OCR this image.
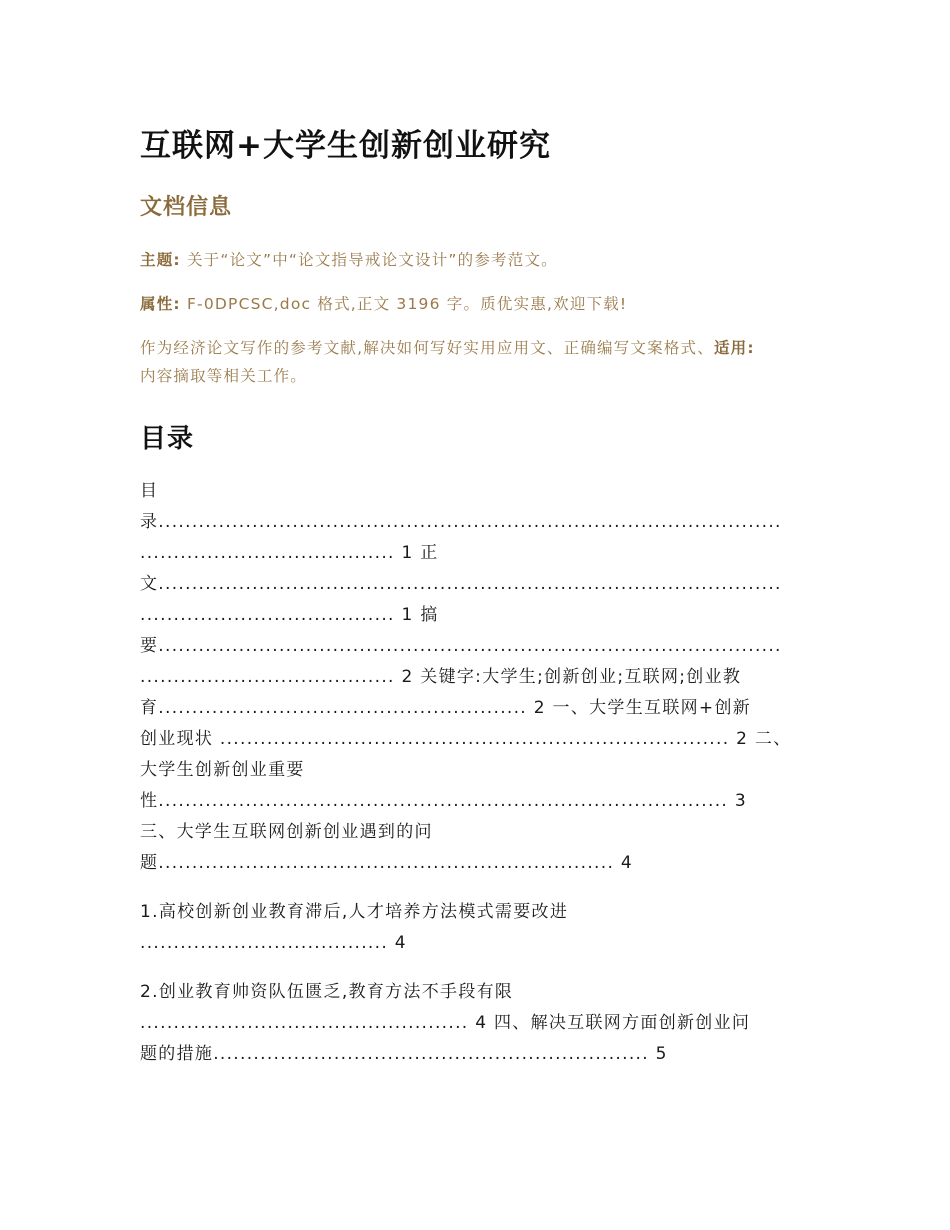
互联网+大学生创新创业研究
文档信息
主题: 关于“论文”中“论文指导戒论文设计”的参考范文。
属性: F-0DPCSC,doc 格式,正文 3196 字。质优实惠,欢迎下载!
作为经济论文写作的参考文献,解决如何写好实用应用文、正确编写文案格式、适用:
内容摘取等相关工作。
目录
目
录.............................................................................................
...................................... 1 正
文.............................................................................................
...................................... 1 搞
要.............................................................................................
...................................... 2 关键字:大学生;创新创业;互联网;创业教
育....................................................... 2 一、大学生互联网+创新
创业现状 ............................................................................ 2 二、
大学生创新创业重要
性..................................................................................... 3
三、大学生互联网创新创业遇到的问
题.................................................................... 4
1.高校创新创业教育滞后,人才培养方法模式需要改进
..................................... 4
2.创业教育帅资队伍匮乏,教育方法不手段有限
................................................. 4 四、解决互联网方面创新创业问
题的措施................................................................. 5
